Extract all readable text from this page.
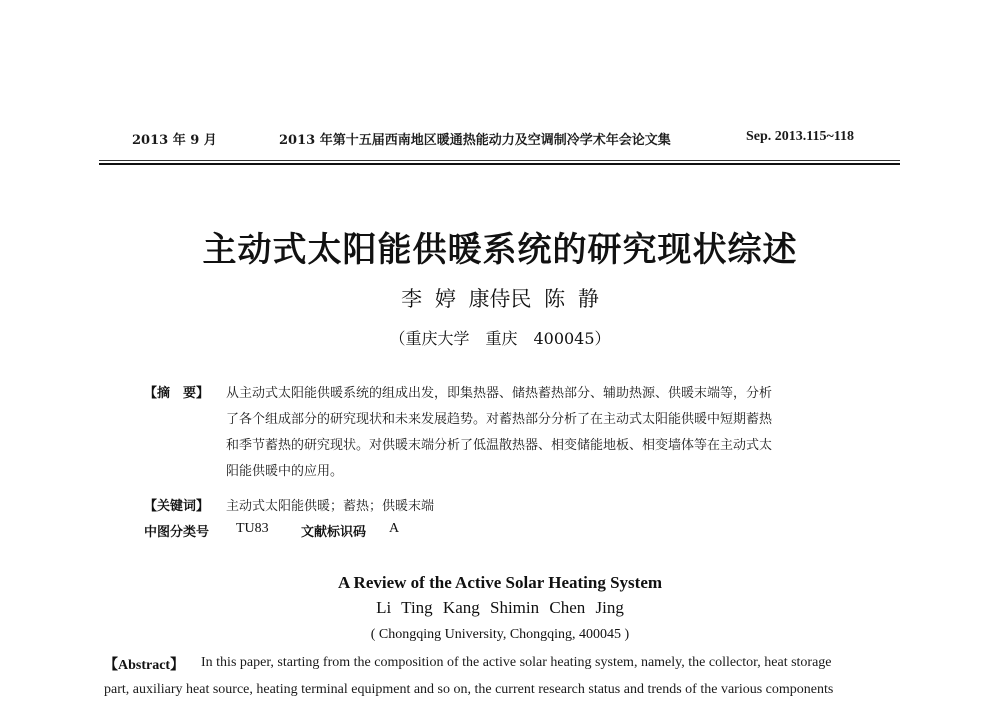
2013 年 9 月	2013 年第十五届西南地区暖通热能动力及空调制冷学术年会论文集	Sep. 2013.115~118
主动式太阳能供暖系统的研究现状综述
李 婷 康侍民 陈 静
（重庆大学　重庆　400045）
【摘　要】 从主动式太阳能供暖系统的组成出发，即集热器、储热蓄热部分、辅助热源、供暖末端等，分析
了各个组成部分的研究现状和未来发展趋势。对蓄热部分分析了在主动式太阳能供暖中短期蓄热
和季节蓄热的研究现状。对供暖末端分析了低温散热器、相变储能地板、相变墙体等在主动式太
阳能供暖中的应用。
【关键词】 主动式太阳能供暖；蓄热；供暖末端
中图分类号 TU83 文献标识码 A
A Review of the Active Solar Heating System
Li Ting Kang Shimin Chen Jing
( Chongqing University, Chongqing, 400045 )
【Abstract】 In this paper, starting from the composition of the active solar heating system, namely, the collector, heat storage
part, auxiliary heat source, heating terminal equipment and so on, the current research status and trends of the various components
